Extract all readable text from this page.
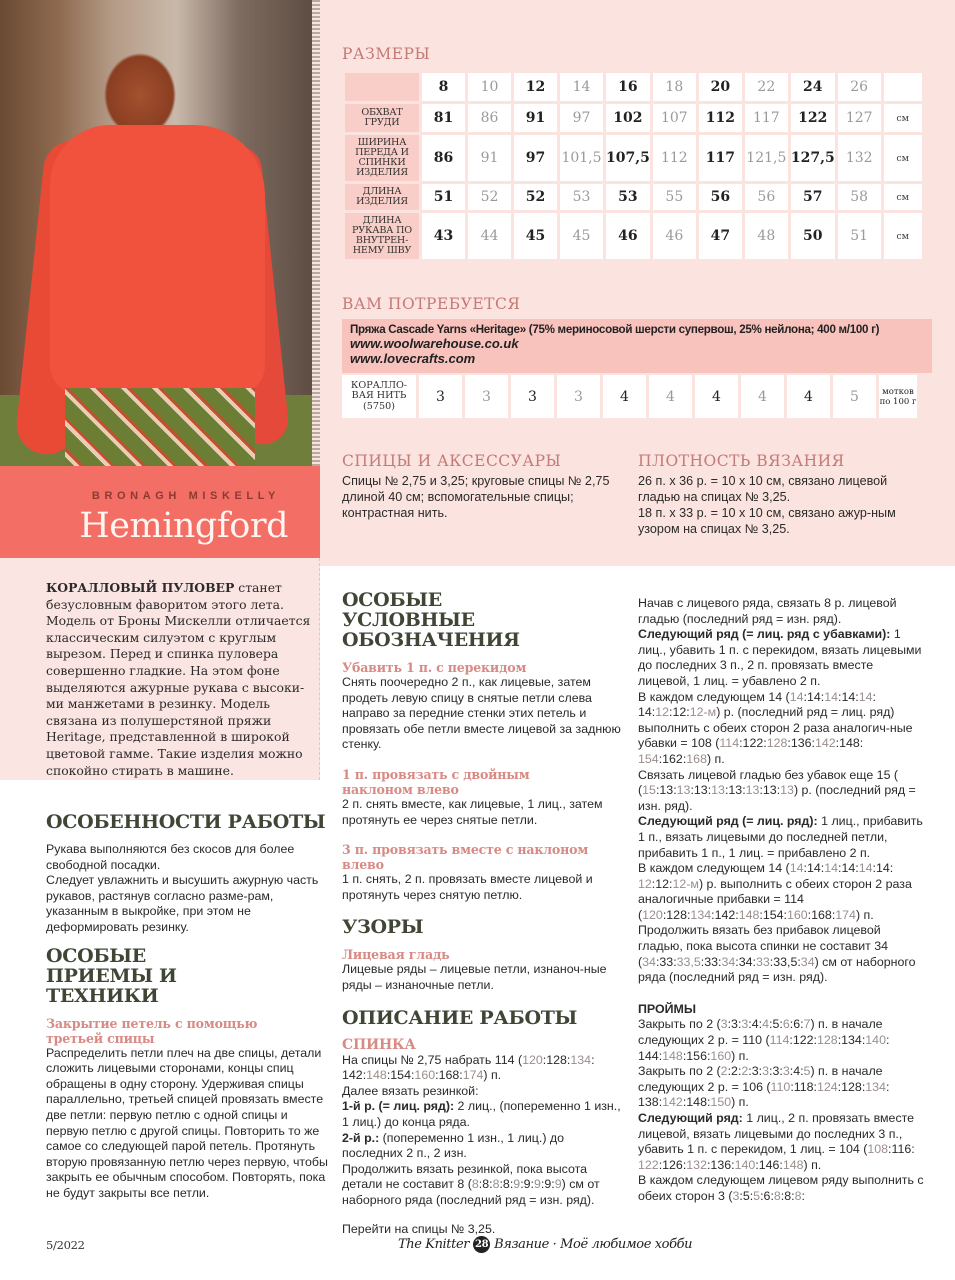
BRONAGH MISKELLY
Hemingford

КОРАЛЛОВЫЙ ПУЛОВЕР станет безусловным фаворитом этого лета. Модель от Броны Мискелли отличается классическим силуэтом с круглым вырезом. Перед и спинка пуловера совершенно гладкие. На этом фоне выделяются ажурные рукава с высоки-ми манжетами в резинку. Модель связана из полушерстяной пряжи Heritage, представленной в широкой цветовой гамме. Такие изделия можно спокойно стирать в машине.

РАЗМЕРЫ
	8	10	12	14	16	18	20	22	24	26	
ОБХВАТ ГРУДИ	81	86	91	97	102	107	112	117	122	127	см
ШИРИНА ПЕРЕДА И СПИНКИ ИЗДЕЛИЯ	86	91	97	101,5	107,5	112	117	121,5	127,5	132	см
ДЛИНА ИЗДЕЛИЯ	51	52	52	53	53	55	56	56	57	58	см
ДЛИНА РУКАВА ПО ВНУТРЕН-НЕМУ ШВУ	43	44	45	45	46	46	47	48	50	51	см
ВАМ ПОТРЕБУЕТСЯ
Пряжа Cascade Yarns «Heritage» (75% мериносовой шерсти супервош, 25% нейлона; 400 м/100 г)
www.woolwarehouse.co.uk
www.lovecrafts.com
КОРАЛЛО-ВАЯ НИТЬ (5750)	3	3	3	3	4	4	4	4	4	5	мотков по 100 г
СПИЦЫ И АКСЕССУАРЫ

Спицы № 2,75 и 3,25; круговые спицы № 2,75 длиной 40 см; вспомогательные спицы; контрастная нить.

ПЛОТНОСТЬ ВЯЗАНИЯ

26 п. х 36 р. = 10 х 10 см, связано лицевой гладью на спицах № 3,25.
18 п. х 33 р. = 10 х 10 см, связано ажур-ным узором на спицах № 3,25.

ОСОБЕННОСТИ РАБОТЫ

Рукава выполняются без скосов для более свободной посадки.

Следует увлажнить и высушить ажурную часть рукавов, растянув согласно разме-рам, указанным в выкройке, при этом не деформировать резинку.

ОСОБЫЕ ПРИЕМЫ И ТЕХНИКИ
Закрытие петель с помощью третьей спицы

Распределить петли плеч на две спицы, детали сложить лицевыми сторонами, концы спиц обращены в одну сторону. Удерживая спицы параллельно, третьей спицей провязать вместе две петли: первую петлю с одной спицы и первую петлю с другой спицы. Повторить то же самое со следующей парой петель. Протянуть вторую провязанную петлю через первую, чтобы закрыть ее обычным способом. Повторять, пока не будут закрыты все петли.

ОСОБЫЕ УСЛОВНЫЕ ОБОЗНАЧЕНИЯ
Убавить 1 п. с перекидом

Снять поочередно 2 п., как лицевые, затем продеть левую спицу в снятые петли слева направо за передние стенки этих петель и провязать обе петли вместе лицевой за заднюю стенку.

1 п. провязать с двойным наклоном влево

2 п. снять вместе, как лицевые, 1 лиц., затем протянуть ее через снятые петли.

3 п. провязать вместе с наклоном влево

1 п. снять, 2 п. провязать вместе лицевой и протянуть через снятую петлю.

УЗОРЫ
Лицевая гладь

Лицевые ряды – лицевые петли, изнаноч-ные ряды – изнаночные петли.

ОПИСАНИЕ РАБОТЫ
СПИНКА

На спицы № 2,75 набрать 114 (120:128:134:
142:148:154:160:168:174) п.

Далее вязать резинкой:

1-й р. (= лиц. ряд): 2 лиц., (попеременно 1 изн., 1 лиц.) до конца ряда.

2-й р.: (попеременно 1 изн., 1 лиц.) до последних 2 п., 2 изн.

Продолжить вязать резинкой, пока высота детали не составит 8 (8:8:8:8:9:9:9:9:9) см от наборного ряда (последний ряд = изн. ряд).

Перейти на спицы № 3,25.

Начав с лицевого ряда, связать 8 р. лицевой гладью (последний ряд = изн. ряд).

Следующий ряд (= лиц. ряд с убавками): 1 лиц., убавить 1 п. с перекидом, вязать лицевыми до последних 3 п., 2 п. провязать вместе лицевой, 1 лиц. = убавлено 2 п.

В каждом следующем 14 (14:14:14:14:14:
14:12:12:12-м) р. (последний ряд = лиц. ряд) выполнить с обеих сторон 2 раза аналогич-ные убавки = 108 (114:122:128:136:142:148:
154:162:168) п.

Связать лицевой гладью без убавок еще 15 (
(15:13:13:13:13:13:13:13:13) р. (последний ряд = изн. ряд).

Следующий ряд (= лиц. ряд): 1 лиц., прибавить 1 п., вязать лицевыми до последней петли, прибавить 1 п., 1 лиц. = прибавлено 2 п.

В каждом следующем 14 (14:14:14:14:14:14:
12:12:12-м) р. выполнить с обеих сторон 2 раза аналогичные прибавки = 114 (120:128:134:142:148:154:160:168:174) п.

Продолжить вязать без прибавок лицевой гладью, пока высота спинки не составит 34 (34:33:33,5:33:34:34:33:33,5:34) см от наборного ряда (последний ряд = изн. ряд).

ПРОЙМЫ

Закрыть по 2 (3:3:3:4:4:5:6:6:7) п. в начале следующих 2 р. = 110 (114:122:128:134:140:
144:148:156:160) п.

Закрыть по 2 (2:2:2:3:3:3:3:4:5) п. в начале следующих 2 р. = 106 (110:118:124:128:134:
138:142:148:150) п.

Следующий ряд: 1 лиц., 2 п. провязать вместе лицевой, вязать лицевыми до последних 3 п., убавить 1 п. с перекидом, 1 лиц. = 104 (108:116:
122:126:132:136:140:146:148) п.

В каждом следующем лицевом ряду выполнить с обеих сторон 3 (3:5:5:6:8:8:8:

5/2022	The Knitter 28 Вязание · Моё любимое хобби
